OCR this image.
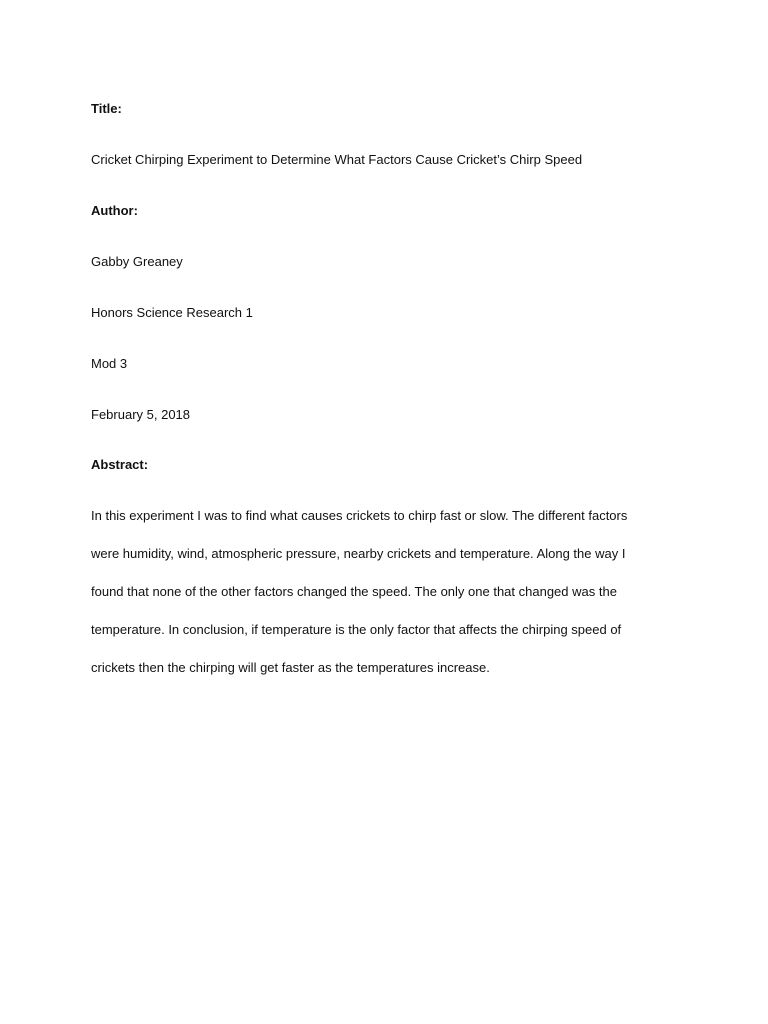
Title:

Cricket Chirping Experiment to Determine What Factors Cause Cricket’s Chirp Speed

Author:

Gabby Greaney

Honors Science Research 1

Mod 3

February 5, 2018

Abstract:

In this experiment I was to find what causes crickets to chirp fast or slow. The different factors
were humidity, wind, atmospheric pressure, nearby crickets and temperature. Along the way I
found that none of the other factors changed the speed. The only one that changed was the
temperature. In conclusion, if temperature is the only factor that affects the chirping speed of
crickets then the chirping will get faster as the temperatures increase.
